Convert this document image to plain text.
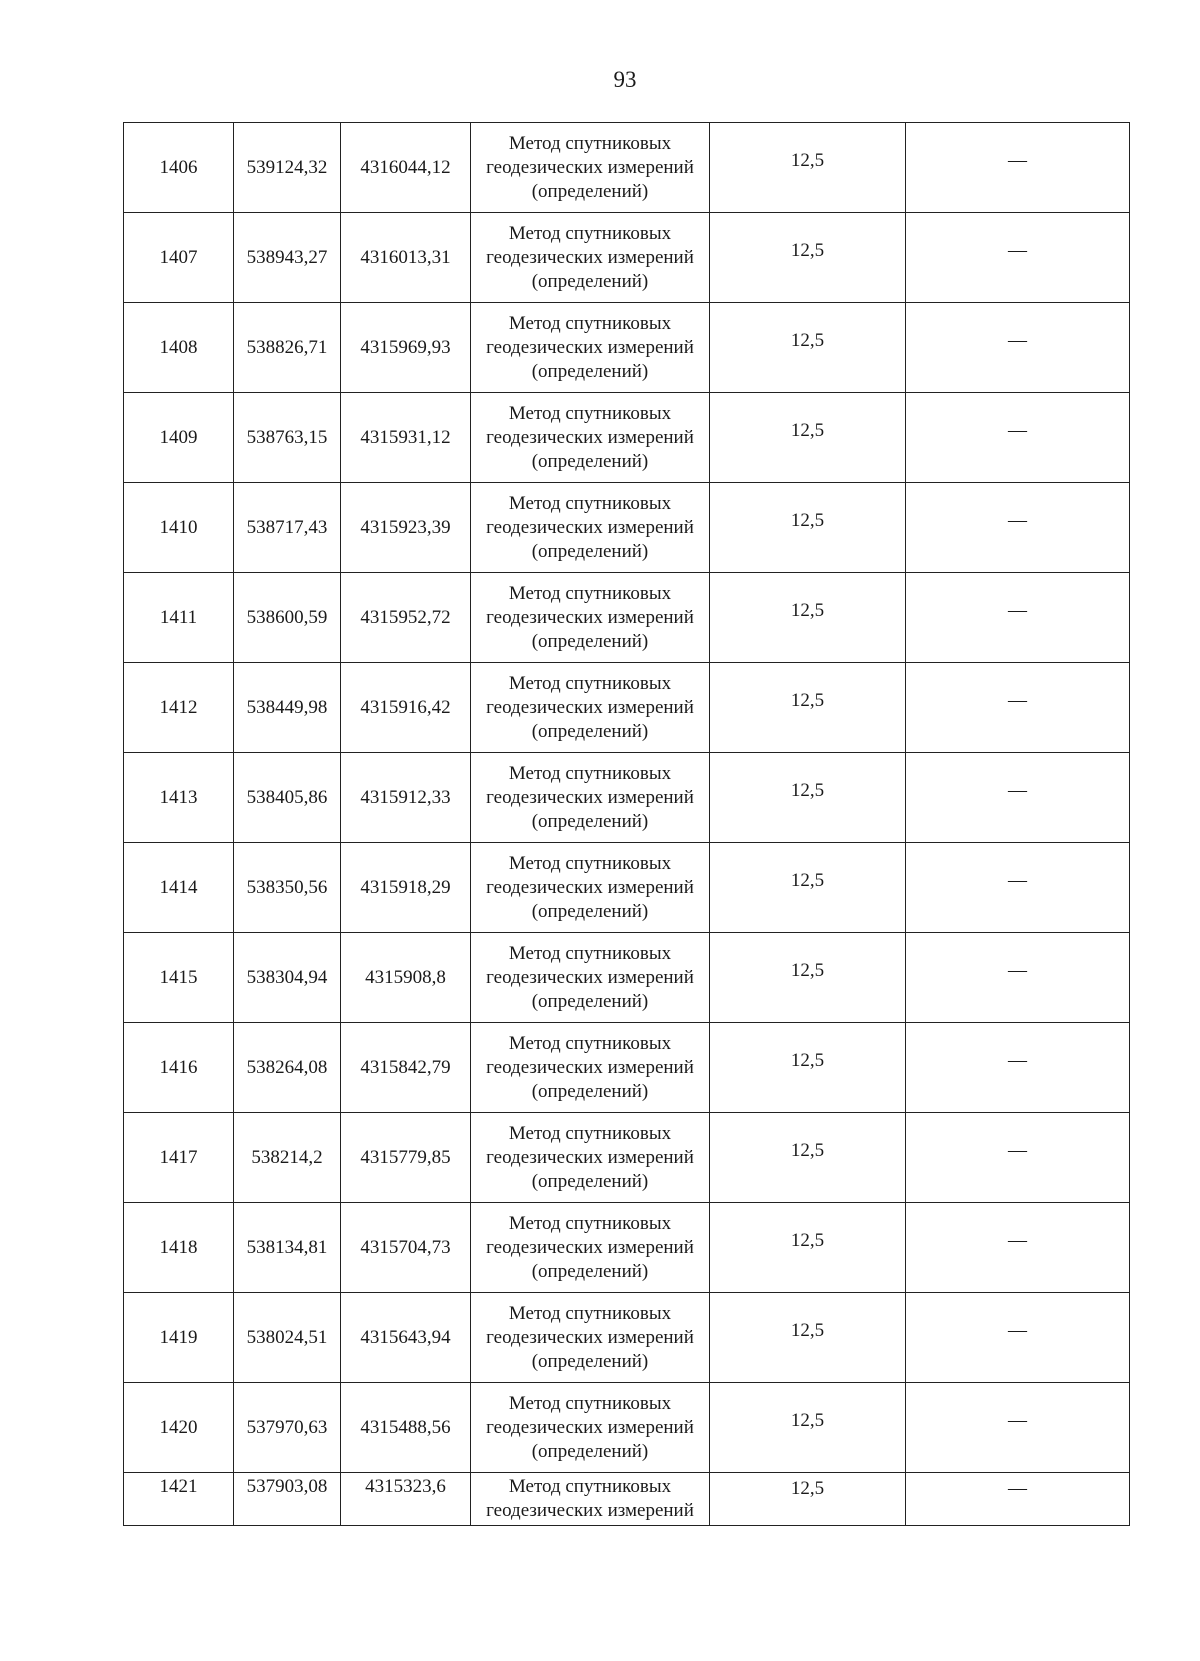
93
1406	539124,32	4316044,12	Метод спутниковых
геодезических измерений
(определений)	12,5	—
1407	538943,27	4316013,31	Метод спутниковых
геодезических измерений
(определений)	12,5	—
1408	538826,71	4315969,93	Метод спутниковых
геодезических измерений
(определений)	12,5	—
1409	538763,15	4315931,12	Метод спутниковых
геодезических измерений
(определений)	12,5	—
1410	538717,43	4315923,39	Метод спутниковых
геодезических измерений
(определений)	12,5	—
1411	538600,59	4315952,72	Метод спутниковых
геодезических измерений
(определений)	12,5	—
1412	538449,98	4315916,42	Метод спутниковых
геодезических измерений
(определений)	12,5	—
1413	538405,86	4315912,33	Метод спутниковых
геодезических измерений
(определений)	12,5	—
1414	538350,56	4315918,29	Метод спутниковых
геодезических измерений
(определений)	12,5	—
1415	538304,94	4315908,8	Метод спутниковых
геодезических измерений
(определений)	12,5	—
1416	538264,08	4315842,79	Метод спутниковых
геодезических измерений
(определений)	12,5	—
1417	538214,2	4315779,85	Метод спутниковых
геодезических измерений
(определений)	12,5	—
1418	538134,81	4315704,73	Метод спутниковых
геодезических измерений
(определений)	12,5	—
1419	538024,51	4315643,94	Метод спутниковых
геодезических измерений
(определений)	12,5	—
1420	537970,63	4315488,56	Метод спутниковых
геодезических измерений
(определений)	12,5	—
1421	537903,08	4315323,6	Метод спутниковых
геодезических измерений	12,5	—
